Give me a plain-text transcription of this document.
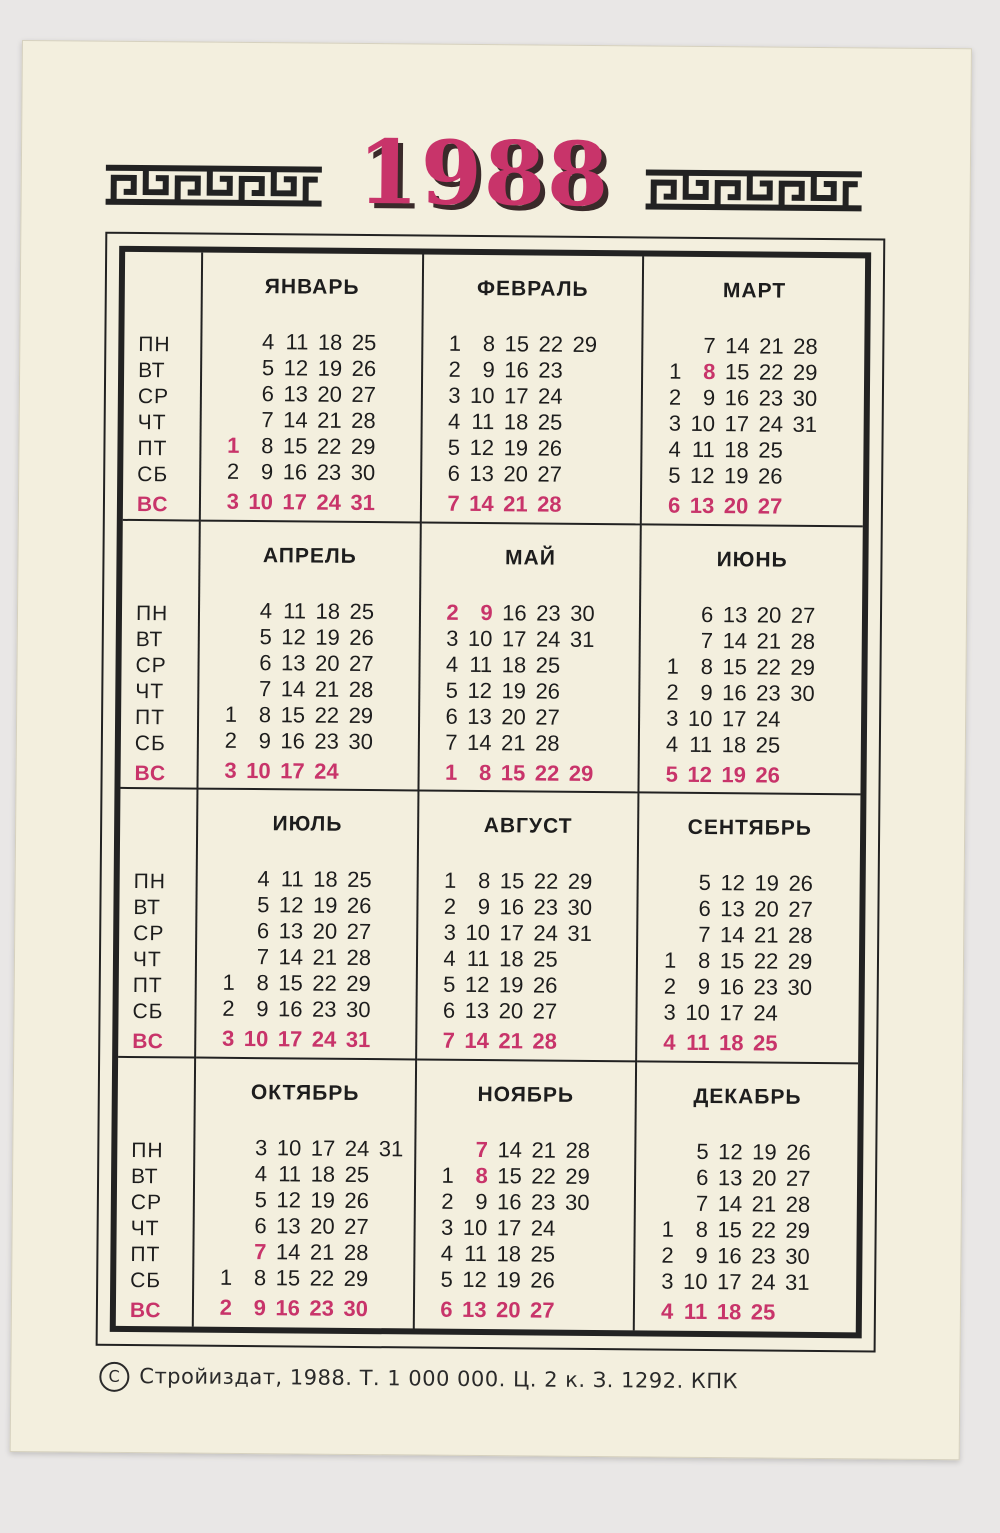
1988
ПН
ВТ
СР
ЧТ
ПТ
СБ
ВС
ЯНВАРЬ
4 11 18 25
5 12 19 26
6 13 20 27
7 14 21 28
1 8 15 22 29
2 9 16 23 30
3 10 17 24 31
ФЕВРАЛЬ
1 8 15 22 29
2 9 16 23
3 10 17 24
4 11 18 25
5 12 19 26
6 13 20 27
7 14 21 28
МАРТ
7 14 21 28
1 8 15 22 29
2 9 16 23 30
3 10 17 24 31
4 11 18 25
5 12 19 26
6 13 20 27
ПН
ВТ
СР
ЧТ
ПТ
СБ
ВС
АПРЕЛЬ
4 11 18 25
5 12 19 26
6 13 20 27
7 14 21 28
1 8 15 22 29
2 9 16 23 30
3 10 17 24
МАЙ
2 9 16 23 30
3 10 17 24 31
4 11 18 25
5 12 19 26
6 13 20 27
7 14 21 28
1 8 15 22 29
ИЮНЬ
6 13 20 27
7 14 21 28
1 8 15 22 29
2 9 16 23 30
3 10 17 24
4 11 18 25
5 12 19 26
ПН
ВТ
СР
ЧТ
ПТ
СБ
ВС
ИЮЛЬ
4 11 18 25
5 12 19 26
6 13 20 27
7 14 21 28
1 8 15 22 29
2 9 16 23 30
3 10 17 24 31
АВГУСТ
1 8 15 22 29
2 9 16 23 30
3 10 17 24 31
4 11 18 25
5 12 19 26
6 13 20 27
7 14 21 28
СЕНТЯБРЬ
5 12 19 26
6 13 20 27
7 14 21 28
1 8 15 22 29
2 9 16 23 30
3 10 17 24
4 11 18 25
ПН
ВТ
СР
ЧТ
ПТ
СБ
ВС
ОКТЯБРЬ
3 10 17 24 31
4 11 18 25
5 12 19 26
6 13 20 27
7 14 21 28
1 8 15 22 29
2 9 16 23 30
НОЯБРЬ
7 14 21 28
1 8 15 22 29
2 9 16 23 30
3 10 17 24
4 11 18 25
5 12 19 26
6 13 20 27
ДЕКАБРЬ
5 12 19 26
6 13 20 27
7 14 21 28
1 8 15 22 29
2 9 16 23 30
3 10 17 24 31
4 11 18 25
C Стройиздат, 1988. Т. 1 000 000. Ц. 2 к. З. 1292. КПК
